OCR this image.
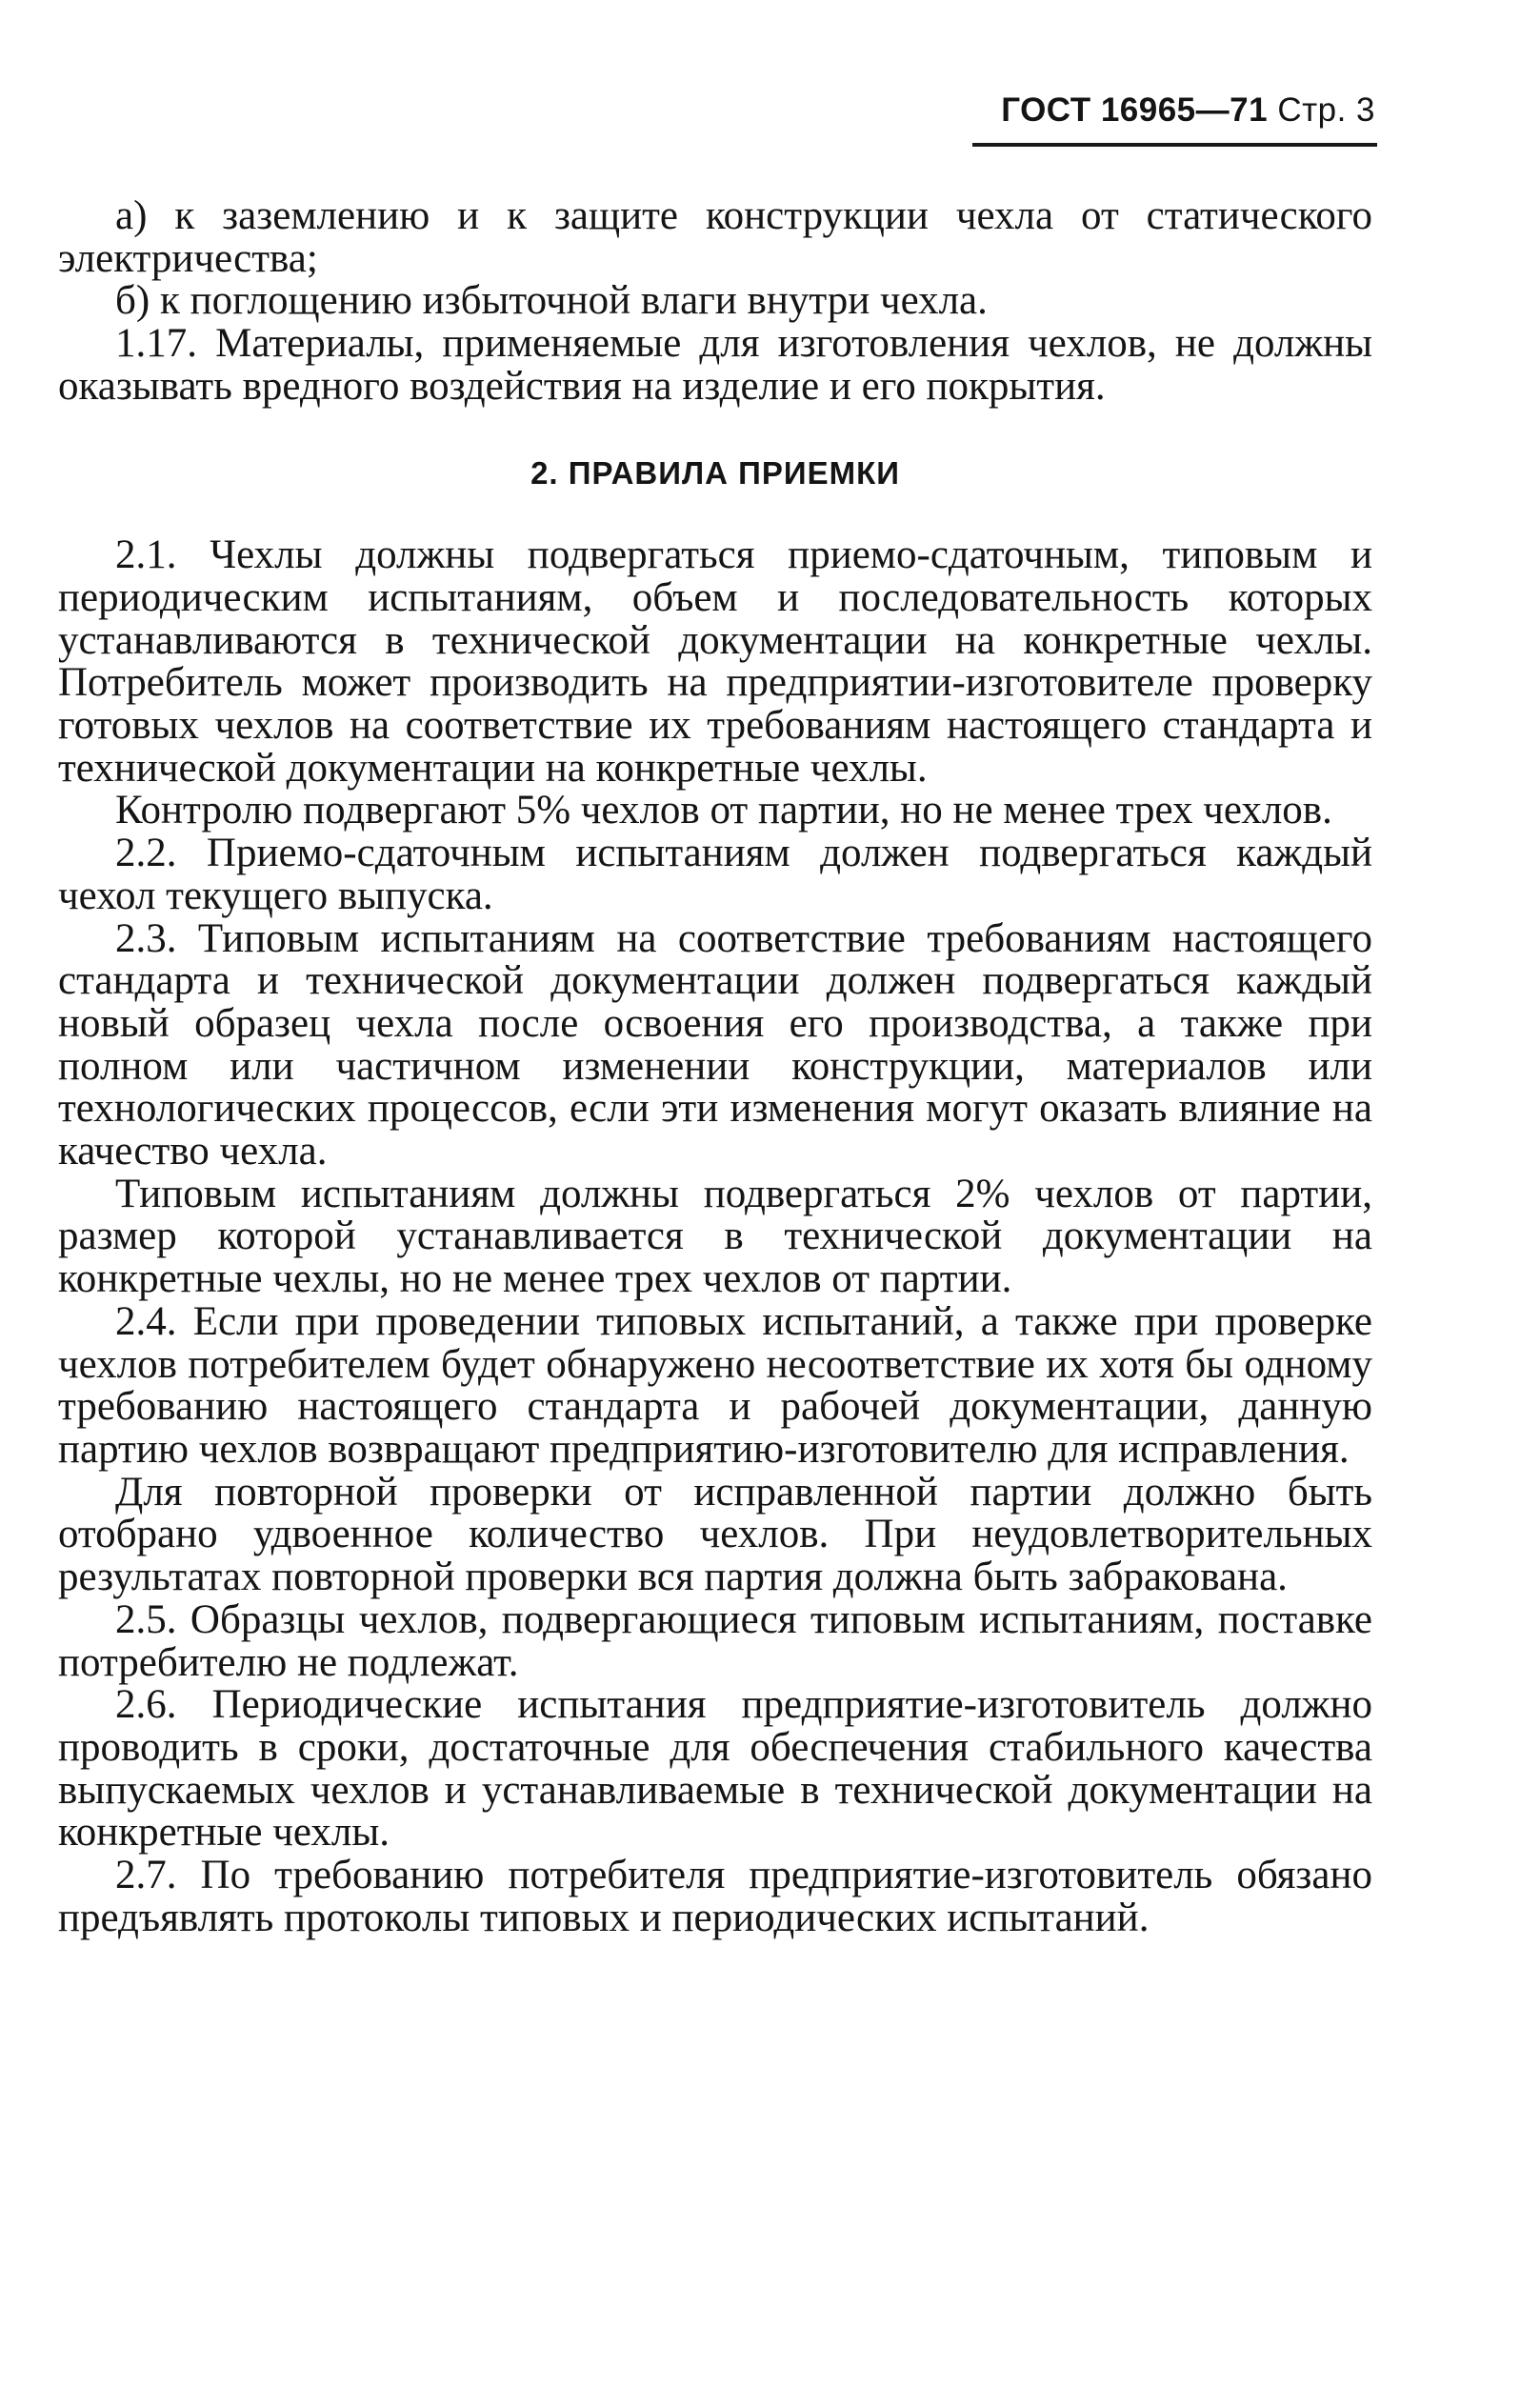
ГОСТ 16965—71 Стр. 3

а) к заземлению и к защите конструкции чехла от статического электричества;

б) к поглощению избыточной влаги внутри чехла.

1.17. Материалы, применяемые для изготовления чехлов, не должны оказывать вредного воздействия на изделие и его покрытия.

2. ПРАВИЛА ПРИЕМКИ

2.1. Чехлы должны подвергаться приемо-сдаточным, типовым и периодическим испытаниям, объем и последовательность которых устанавливаются в технической документации на конкретные чехлы. Потребитель может производить на предприятии-изготовителе проверку готовых чехлов на соответствие их требованиям настоящего стандарта и технической документации на конкретные чехлы.

Контролю подвергают 5% чехлов от партии, но не менее трех чехлов.

2.2. Приемо-сдаточным испытаниям должен подвергаться каждый чехол текущего выпуска.

2.3. Типовым испытаниям на соответствие требованиям настоящего стандарта и технической документации должен подвергаться каждый новый образец чехла после освоения его производства, а также при полном или частичном изменении конструкции, материалов или технологических процессов, если эти изменения могут оказать влияние на качество чехла.

Типовым испытаниям должны подвергаться 2% чехлов от партии, размер которой устанавливается в технической документации на конкретные чехлы, но не менее трех чехлов от партии.

2.4. Если при проведении типовых испытаний, а также при проверке чехлов потребителем будет обнаружено несоответствие их хотя бы одному требованию настоящего стандарта и рабочей документации, данную партию чехлов возвращают предприятию-изготовителю для исправления.

Для повторной проверки от исправленной партии должно быть отобрано удвоенное количество чехлов. При неудовлетворительных результатах повторной проверки вся партия должна быть забракована.

2.5. Образцы чехлов, подвергающиеся типовым испытаниям, поставке потребителю не подлежат.

2.6. Периодические испытания предприятие-изготовитель должно проводить в сроки, достаточные для обеспечения стабильного качества выпускаемых чехлов и устанавливаемые в технической документации на конкретные чехлы.

2.7. По требованию потребителя предприятие-изготовитель обязано предъявлять протоколы типовых и периодических испытаний.
